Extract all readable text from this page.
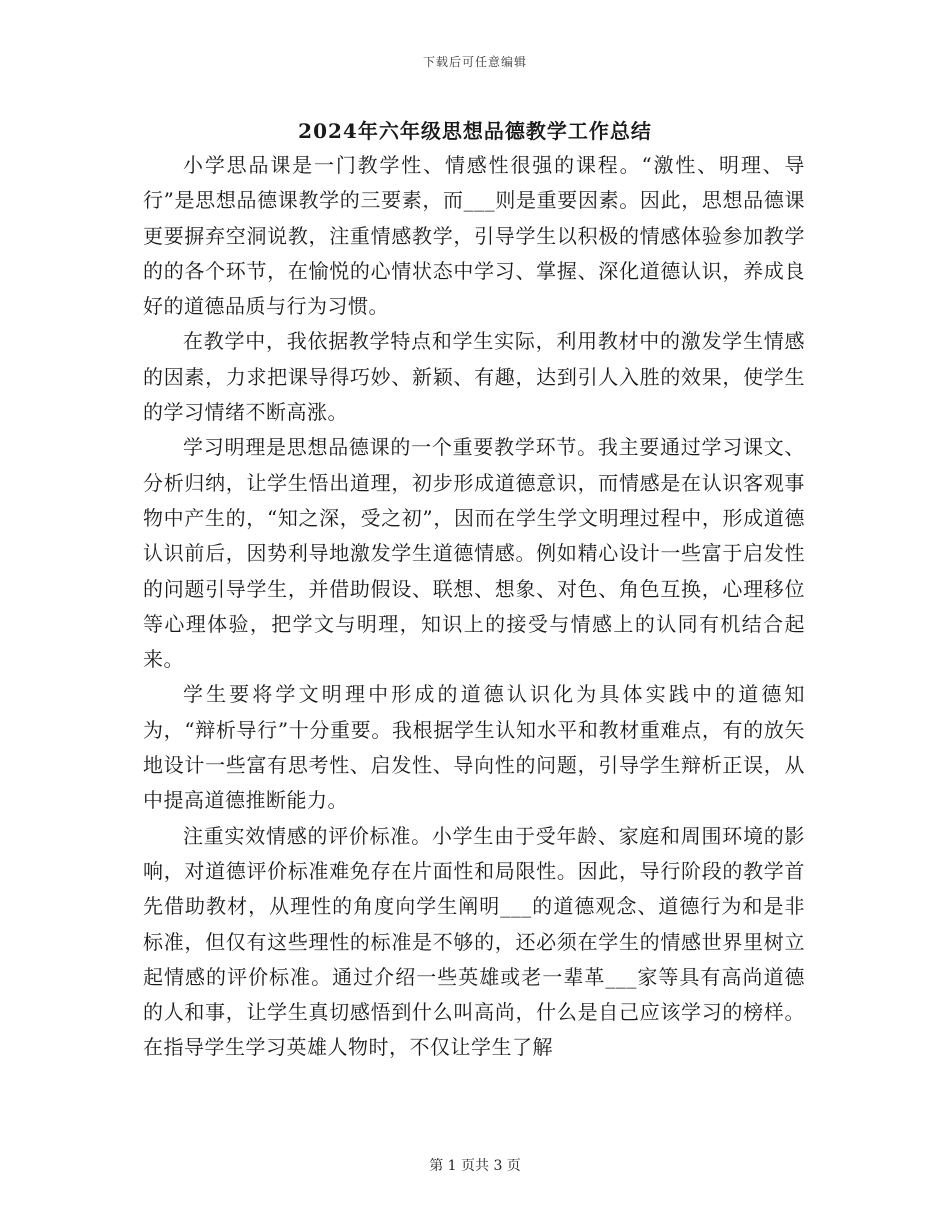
下载后可任意编辑
2024年六年级思想品德教学工作总结

小学思品课是一门教学性、情感性很强的课程。“激性、明理、导行”是思想品德课教学的三要素，而___则是重要因素。因此，思想品德课更要摒弃空洞说教，注重情感教学，引导学生以积极的情感体验参加教学的的各个环节，在愉悦的心情状态中学习、掌握、深化道德认识，养成良好的道德品质与行为习惯。

在教学中，我依据教学特点和学生实际，利用教材中的激发学生情感的因素，力求把课导得巧妙、新颖、有趣，达到引人入胜的效果，使学生的学习情绪不断高涨。

学习明理是思想品德课的一个重要教学环节。我主要通过学习课文、分析归纳，让学生悟出道理，初步形成道德意识，而情感是在认识客观事物中产生的，“知之深，受之初”，因而在学生学文明理过程中，形成道德认识前后，因势利导地激发学生道德情感。例如精心设计一些富于启发性的问题引导学生，并借助假设、联想、想象、对色、角色互换，心理移位等心理体验，把学文与明理，知识上的接受与情感上的认同有机结合起来。

学生要将学文明理中形成的道德认识化为具体实践中的道德知为，“辩析导行”十分重要。我根据学生认知水平和教材重难点，有的放矢地设计一些富有思考性、启发性、导向性的问题，引导学生辩析正误，从中提高道德推断能力。

注重实效情感的评价标准。小学生由于受年龄、家庭和周围环境的影响，对道德评价标准难免存在片面性和局限性。因此，导行阶段的教学首先借助教材，从理性的角度向学生阐明___的道德观念、道德行为和是非标准，但仅有这些理性的标准是不够的，还必须在学生的情感世界里树立起情感的评价标准。通过介绍一些英雄或老一辈革___家等具有高尚道德的人和事，让学生真切感悟到什么叫高尚，什么是自己应该学习的榜样。在指导学生学习英雄人物时，不仅让学生了解

第 1 页共 3 页
